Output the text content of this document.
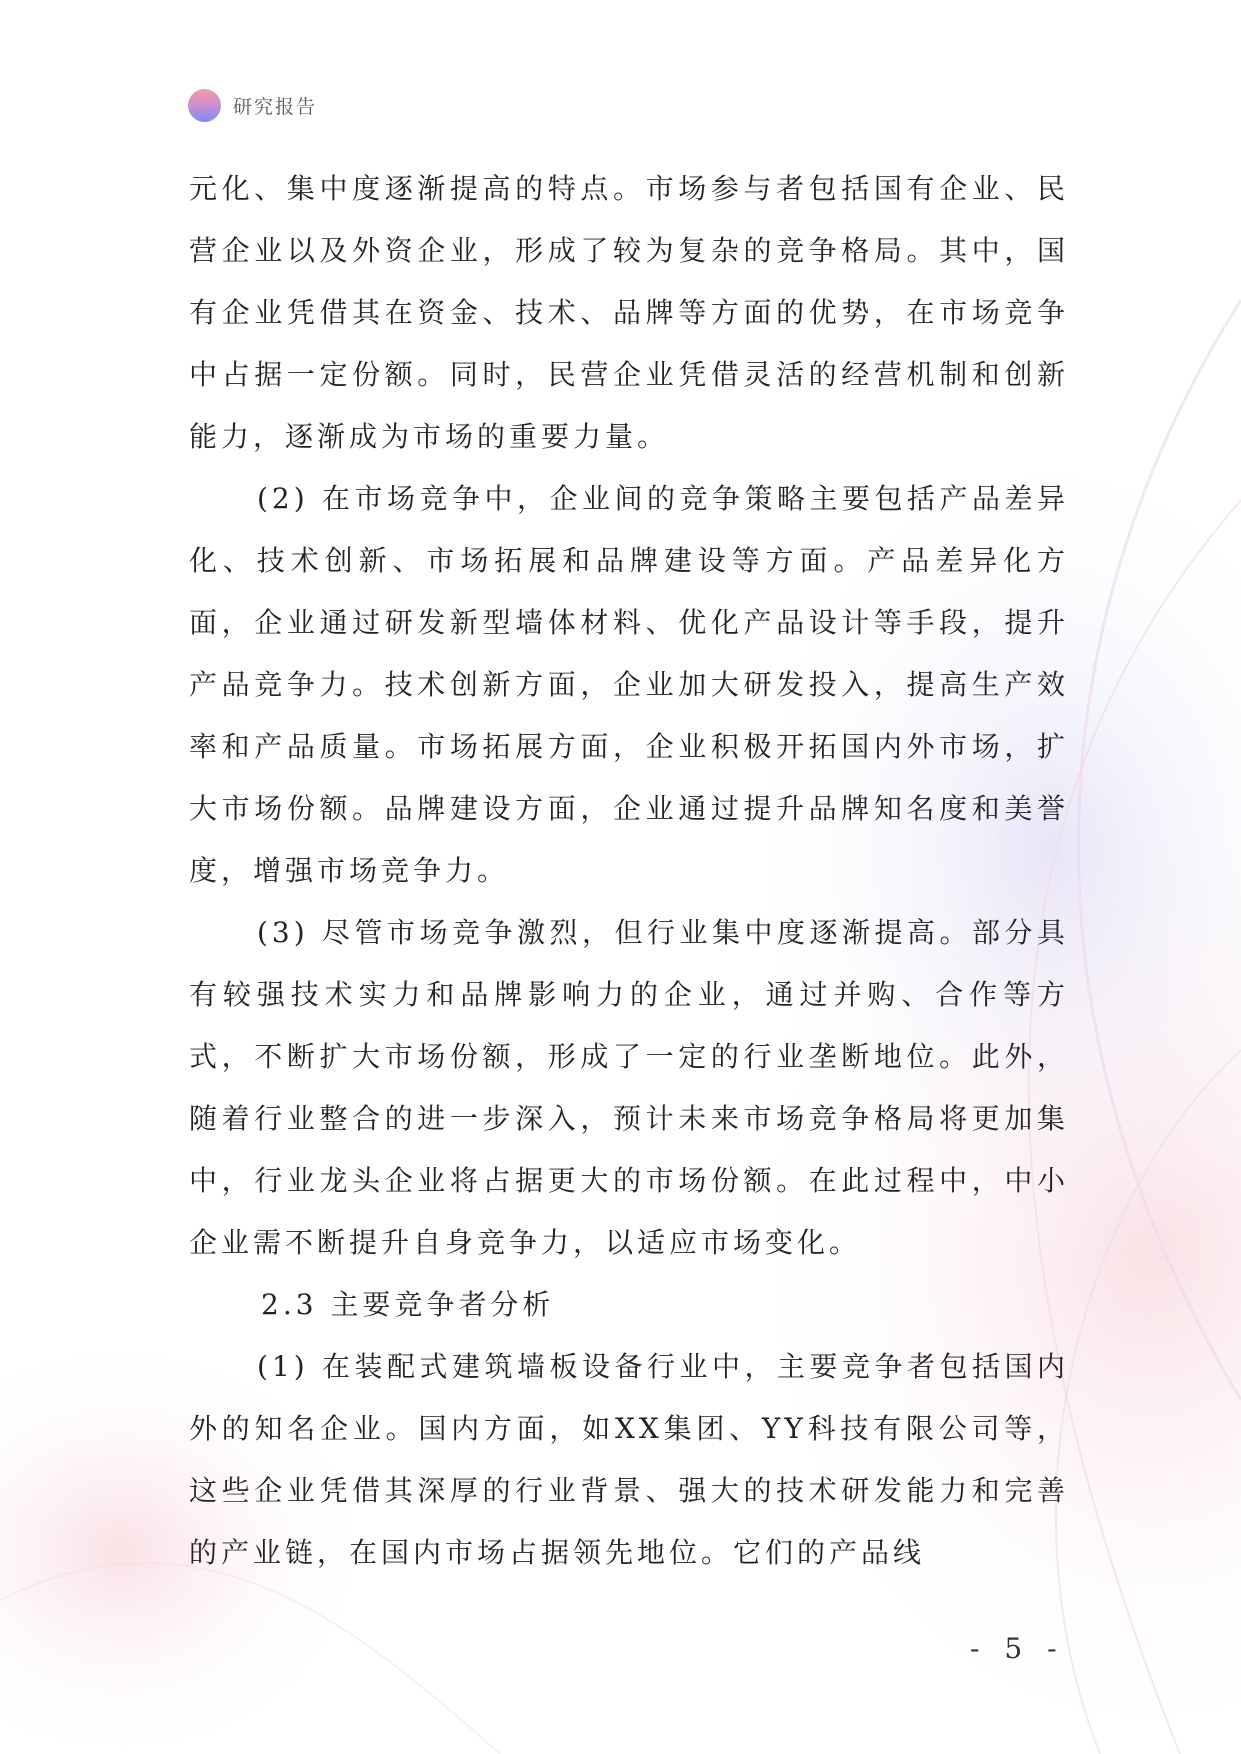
研究报告

元化、集中度逐渐提高的特点。市场参与者包括国有企业、民营企业以及外资企业，形成了较为复杂的竞争格局。其中，国有企业凭借其在资金、技术、品牌等方面的优势，在市场竞争中占据一定份额。同时，民营企业凭借灵活的经营机制和创新能力，逐渐成为市场的重要力量。

(2) 在市场竞争中，企业间的竞争策略主要包括产品差异化、技术创新、市场拓展和品牌建设等方面。产品差异化方面，企业通过研发新型墙体材料、优化产品设计等手段，提升产品竞争力。技术创新方面，企业加大研发投入，提高生产效率和产品质量。市场拓展方面，企业积极开拓国内外市场，扩大市场份额。品牌建设方面，企业通过提升品牌知名度和美誉度，增强市场竞争力。

(3) 尽管市场竞争激烈，但行业集中度逐渐提高。部分具有较强技术实力和品牌影响力的企业，通过并购、合作等方式，不断扩大市场份额，形成了一定的行业垄断地位。此外，随着行业整合的进一步深入，预计未来市场竞争格局将更加集中，行业龙头企业将占据更大的市场份额。在此过程中，中小企业需不断提升自身竞争力，以适应市场变化。

2.3 主要竞争者分析

(1) 在装配式建筑墙板设备行业中，主要竞争者包括国内外的知名企业。国内方面，如XX集团、YY科技有限公司等，这些企业凭借其深厚的行业背景、强大的技术研发能力和完善的产业链，在国内市场占据领先地位。它们的产品线

- 5 -
